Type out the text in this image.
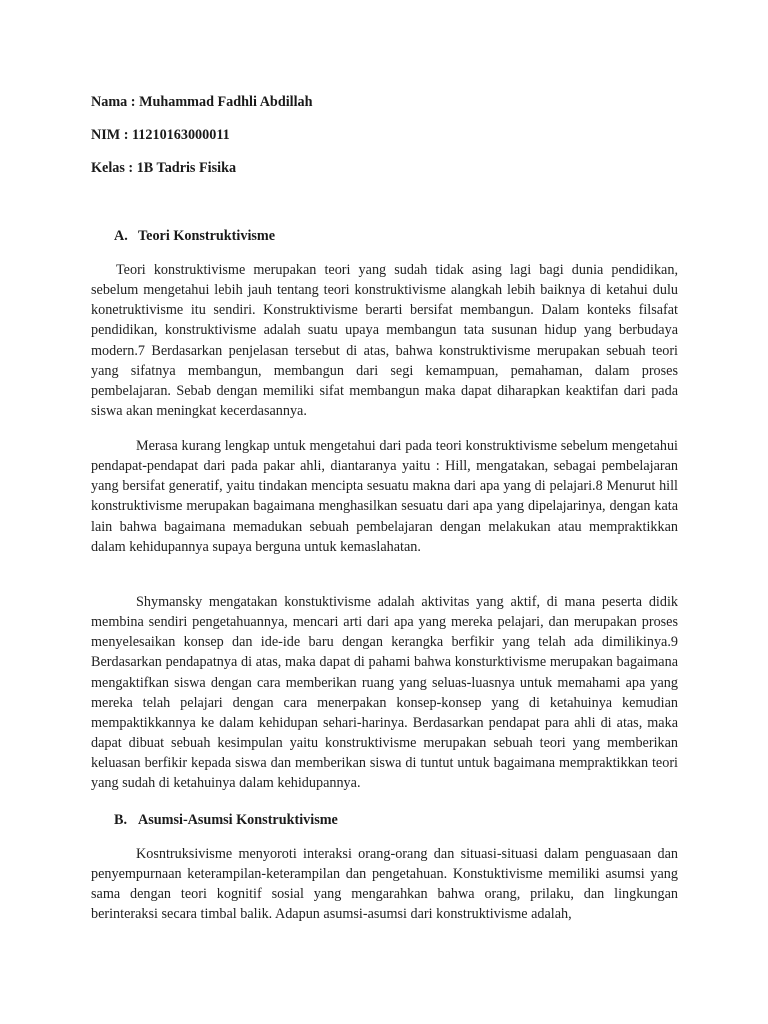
Nama : Muhammad Fadhli Abdillah
NIM : 11210163000011
Kelas : 1B Tadris Fisika
A. Teori Konstruktivisme

Teori konstruktivisme merupakan teori yang sudah tidak asing lagi bagi dunia pendidikan, sebelum mengetahui lebih jauh tentang teori konstruktivisme alangkah lebih baiknya di ketahui dulu konetruktivisme itu sendiri. Konstruktivisme berarti bersifat membangun. Dalam konteks filsafat pendidikan, konstruktivisme adalah suatu upaya membangun tata susunan hidup yang berbudaya modern.7 Berdasarkan penjelasan tersebut di atas, bahwa konstruktivisme merupakan sebuah teori yang sifatnya membangun, membangun dari segi kemampuan, pemahaman, dalam proses pembelajaran. Sebab dengan memiliki sifat membangun maka dapat diharapkan keaktifan dari pada siswa akan meningkat kecerdasannya.

Merasa kurang lengkap untuk mengetahui dari pada teori konstruktivisme sebelum mengetahui pendapat-pendapat dari pada pakar ahli, diantaranya yaitu : Hill, mengatakan, sebagai pembelajaran yang bersifat generatif, yaitu tindakan mencipta sesuatu makna dari apa yang di pelajari.8 Menurut hill konstruktivisme merupakan bagaimana menghasilkan sesuatu dari apa yang dipelajarinya, dengan kata lain bahwa bagaimana memadukan sebuah pembelajaran dengan melakukan atau mempraktikkan dalam kehidupannya supaya berguna untuk kemaslahatan.

Shymansky mengatakan konstuktivisme adalah aktivitas yang aktif, di mana peserta didik membina sendiri pengetahuannya, mencari arti dari apa yang mereka pelajari, dan merupakan proses menyelesaikan konsep dan ide-ide baru dengan kerangka berfikir yang telah ada dimilikinya.9 Berdasarkan pendapatnya di atas, maka dapat di pahami bahwa konsturktivisme merupakan bagaimana mengaktifkan siswa dengan cara memberikan ruang yang seluas-luasnya untuk memahami apa yang mereka telah pelajari dengan cara menerpakan konsep-konsep yang di ketahuinya kemudian mempaktikkannya ke dalam kehidupan sehari-harinya. Berdasarkan pendapat para ahli di atas, maka dapat dibuat sebuah kesimpulan yaitu konstruktivisme merupakan sebuah teori yang memberikan keluasan berfikir kepada siswa dan memberikan siswa di tuntut untuk bagaimana mempraktikkan teori yang sudah di ketahuinya dalam kehidupannya.

B. Asumsi-Asumsi Konstruktivisme

Kosntruksivisme menyoroti interaksi orang-orang dan situasi-situasi dalam penguasaan dan penyempurnaan keterampilan-keterampilan dan pengetahuan. Konstuktivisme memiliki asumsi yang sama dengan teori kognitif sosial yang mengarahkan bahwa orang, prilaku, dan lingkungan berinteraksi secara timbal balik. Adapun asumsi-asumsi dari konstruktivisme adalah,
